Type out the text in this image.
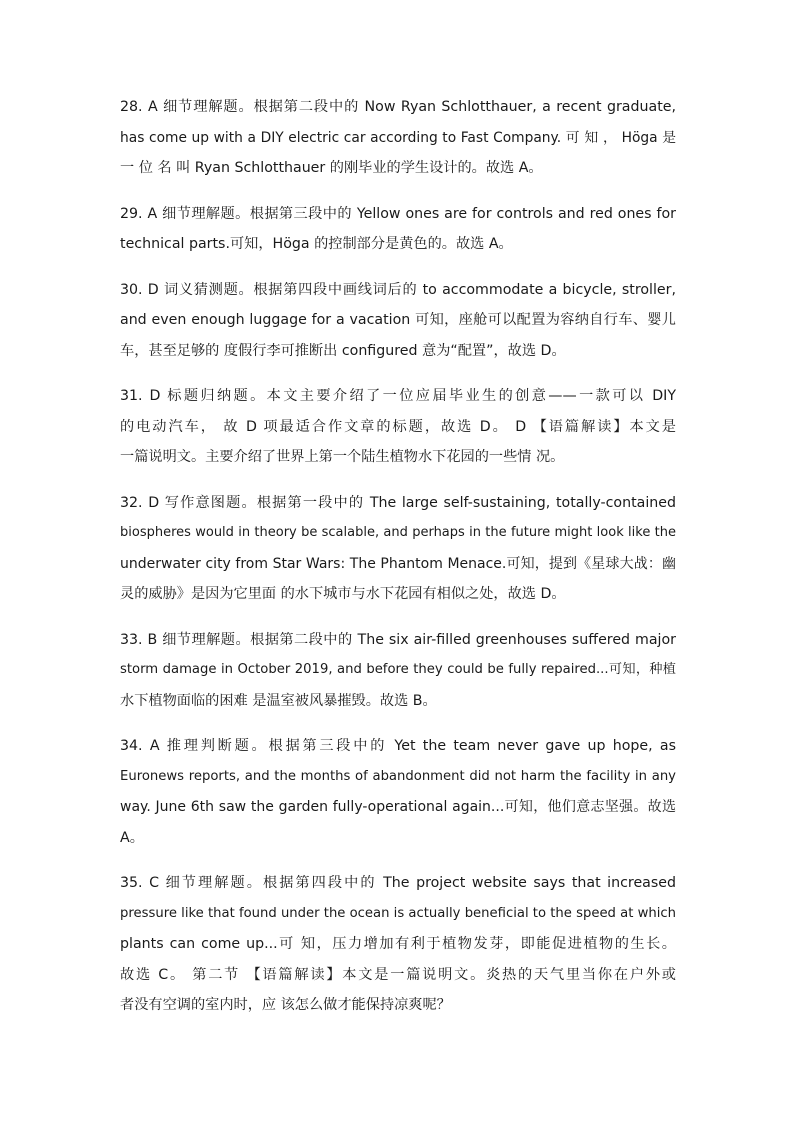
28. A 细节理解题。根据第二段中的 Now Ryan Schlotthauer, a recent graduate,
has come up with a DIY electric car according to Fast Company. 可 知 ， Höga 是
一 位 名 叫 Ryan Schlotthauer 的刚毕业的学生设计的。故选 A。
29. A 细节理解题。根据第三段中的 Yellow ones are for controls and red ones for
technical parts.可知，Höga 的控制部分是黄色的。故选 A。
30. D 词义猜测题。根据第四段中画线词后的 to accommodate a bicycle, stroller,
and even enough luggage for a vacation 可知，座舱可以配置为容纳自行车、婴儿
车，甚至足够的 度假行李可推断出 configured 意为“配置”，故选 D。
31. D 标题归纳题。本文主要介绍了一位应届毕业生的创意——一款可以 DIY
的电动汽车， 故 D 项最适合作文章的标题，故选 D。 D 【语篇解读】本文是
一篇说明文。主要介绍了世界上第一个陆生植物水下花园的一些情 况。
32. D 写作意图题。根据第一段中的 The large self-sustaining, totally-contained
biospheres would in theory be scalable, and perhaps in the future might look like the
underwater city from Star Wars: The Phantom Menace.可知，提到《星球大战：幽
灵的威胁》是因为它里面 的水下城市与水下花园有相似之处，故选 D。
33. B 细节理解题。根据第二段中的 The six air-filled greenhouses suffered major
storm damage in October 2019, and before they could be fully repaired...可知，种植
水下植物面临的困难 是温室被风暴摧毁。故选 B。
34. A 推理判断题。根据第三段中的 Yet the team never gave up hope, as
Euronews reports, and the months of abandonment did not harm the facility in any
way. June 6th saw the garden fully-operational again...可知，他们意志坚强。故选
A。
35. C 细节理解题。根据第四段中的 The project website says that increased
pressure like that found under the ocean is actually beneficial to the speed at which
plants can come up...可 知，压力增加有利于植物发芽，即能促进植物的生长。
故选 C。 第二节 【语篇解读】本文是一篇说明文。炎热的天气里当你在户外或
者没有空调的室内时，应 该怎么做才能保持凉爽呢？
